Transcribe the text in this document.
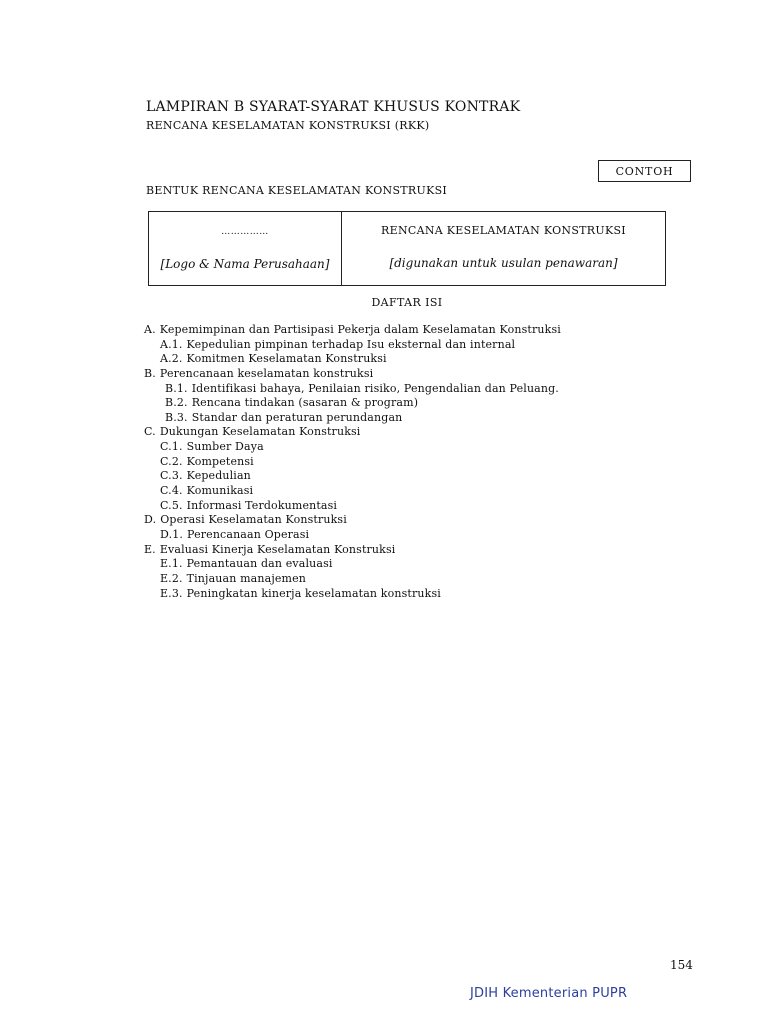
LAMPIRAN B SYARAT-SYARAT KHUSUS KONTRAK
RENCANA KESELAMATAN KONSTRUKSI (RKK)
CONTOH
BENTUK RENCANA KESELAMATAN KONSTRUKSI
……………
[Logo & Nama Perusahaan]
RENCANA KESELAMATAN KONSTRUKSI
[digunakan untuk usulan penawaran]
DAFTAR ISI
A. Kepemimpinan dan Partisipasi Pekerja dalam Keselamatan Konstruksi
A.1. Kepedulian pimpinan terhadap Isu eksternal dan internal
A.2. Komitmen Keselamatan Konstruksi
B. Perencanaan keselamatan konstruksi
B.1. Identifikasi bahaya, Penilaian risiko, Pengendalian dan Peluang.
B.2. Rencana tindakan (sasaran & program)
B.3. Standar dan peraturan perundangan
C. Dukungan Keselamatan Konstruksi
C.1. Sumber Daya
C.2. Kompetensi
C.3. Kepedulian
C.4. Komunikasi
C.5. Informasi Terdokumentasi
D. Operasi Keselamatan Konstruksi
D.1. Perencanaan Operasi
E. Evaluasi Kinerja Keselamatan Konstruksi
E.1. Pemantauan dan evaluasi
E.2. Tinjauan manajemen
E.3. Peningkatan kinerja keselamatan konstruksi
154
JDIH Kementerian PUPR
